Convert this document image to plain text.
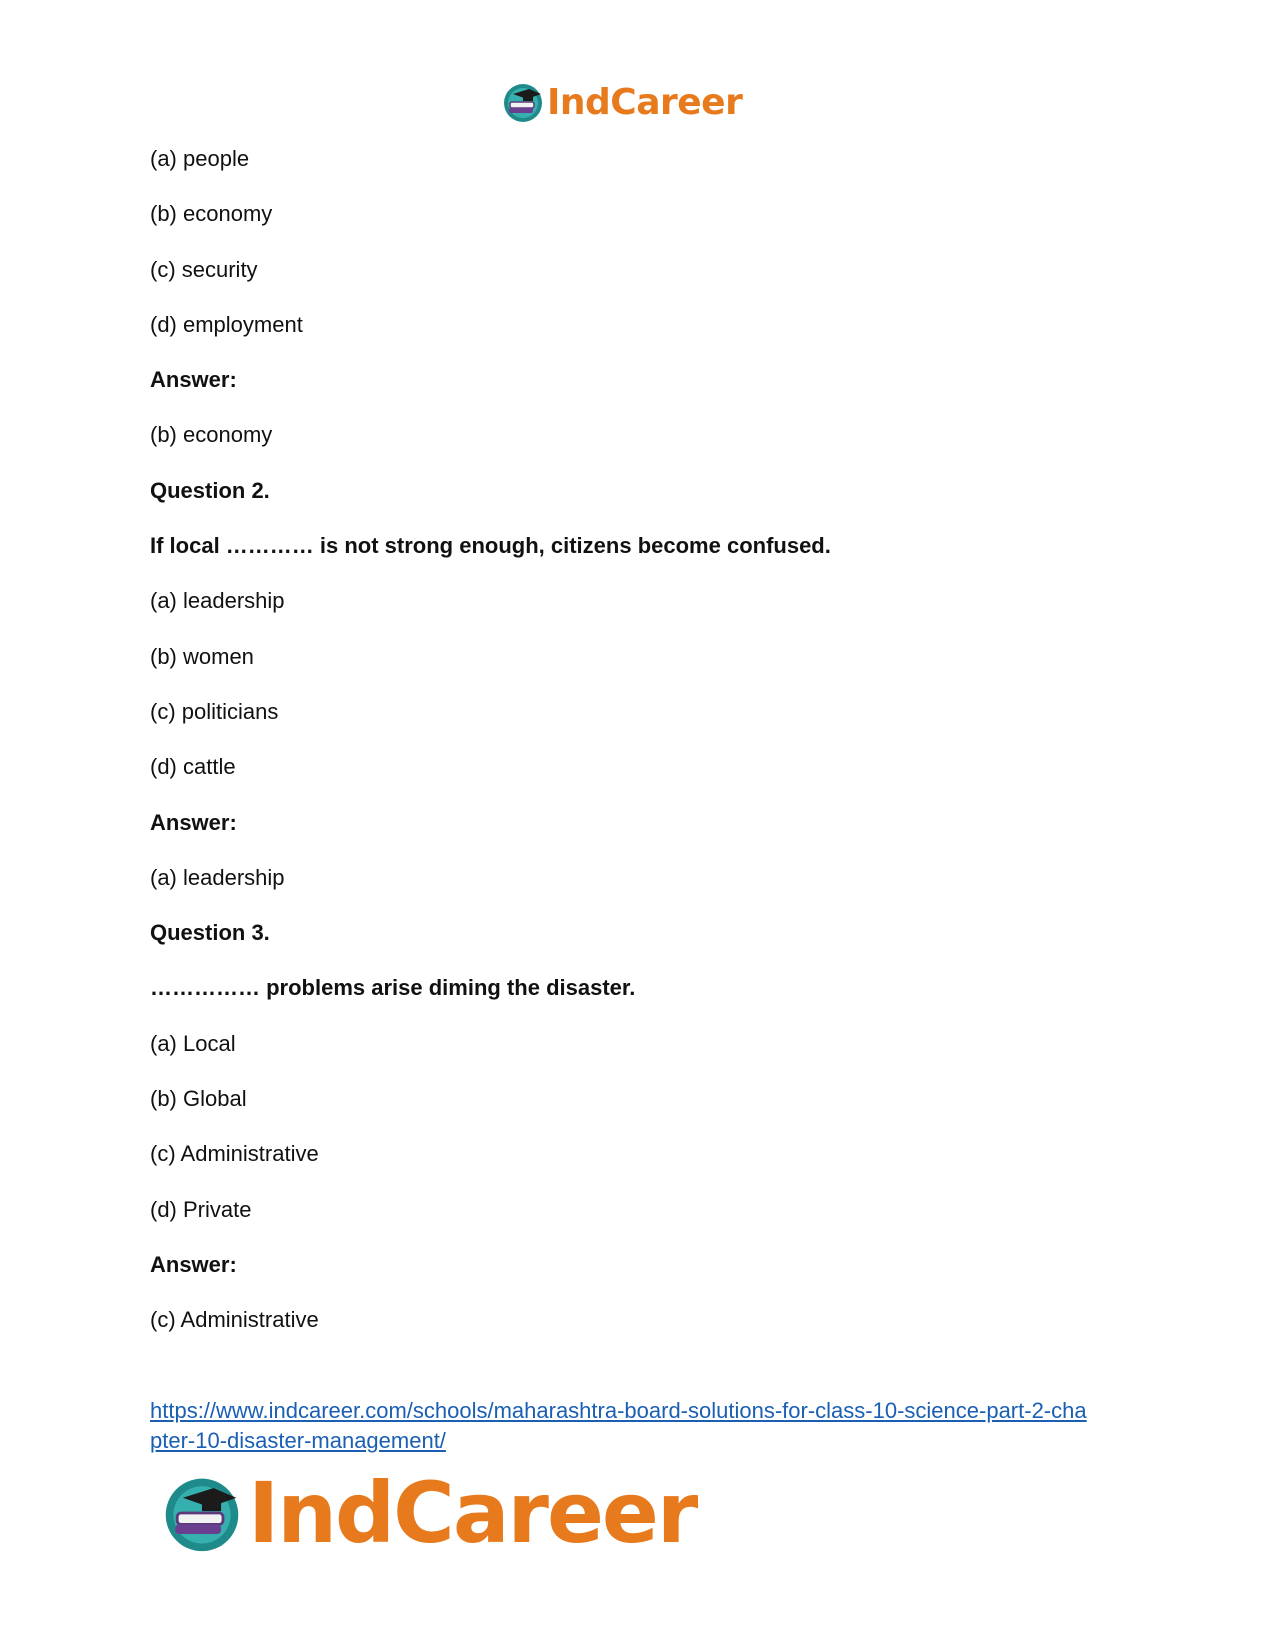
IndCareer
(a) people
(b) economy
(c) security
(d) employment
Answer:
(b) economy
Question 2.
If local ………… is not strong enough, citizens become confused.
(a) leadership
(b) women
(c) politicians
(d) cattle
Answer:
(a) leadership
Question 3.
…………… problems arise diming the disaster.
(a) Local
(b) Global
(c) Administrative
(d) Private
Answer:
(c) Administrative
https://www.indcareer.com/schools/maharashtra-board-solutions-for-class-10-science-part-2-cha
pter-10-disaster-management/
IndCareer
